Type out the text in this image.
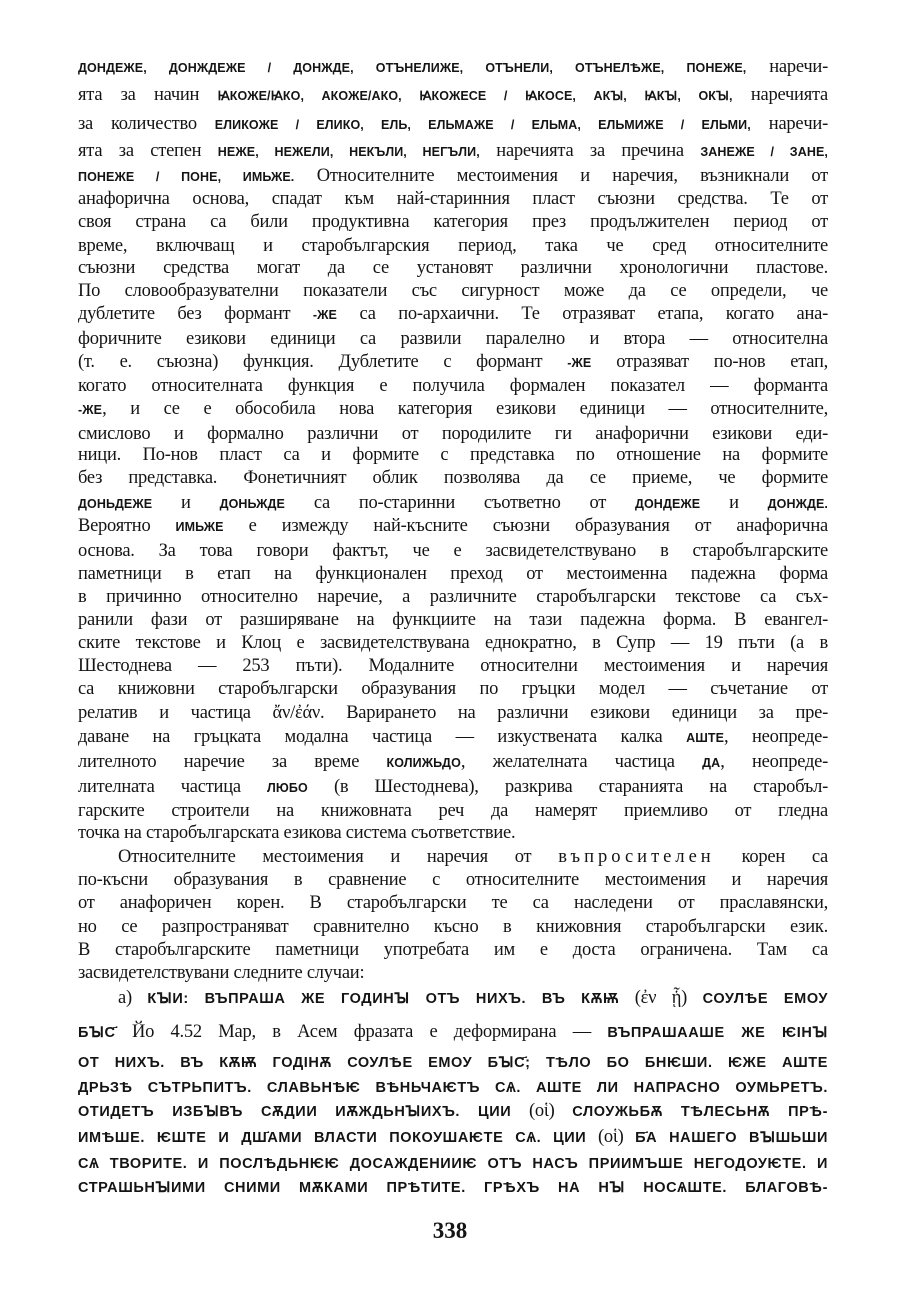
ДОНДЕЖЕ, ДОНЖДЕЖЕ / ДОНЖДЕ, ОТЪНЕЛИЖЕ, ОТЪНЕЛИ, ОТЪНЕЛѢЖЕ, ПОНЕЖЕ, наречи-
ята за начин ꙖКОЖЕ/ꙖКО, АКОЖЕ/АКО, ꙖКОЖЕСЕ / ꙖКОСЕ, АКꙐ, ꙖКꙐ, ОКꙐ, наречията
за количество ЕЛИКОЖЕ / ЕЛИКО, ЕЛЬ, ЕЛЬМАЖЕ / ЕЛЬМА, ЕЛЬМИЖЕ / ЕЛЬМИ, нарeчи-
ята за степен НЕЖЕ, НЕЖЕЛИ, НЕКЪЛИ, НЕГЪЛИ, наречията за пречина ЗАНЕЖЕ / ЗАНЕ,
ПОНЕЖЕ / ПОНЕ, ИМЬЖЕ. Относителните местоимения и наречия, възникнали от
анафорична основа, спадат към най-старинния пласт съюзни средства. Те от
своя страна са били продуктивна категория през продължителен период от
време, включващ и старобългарския период, така че сред относителните
съюзни средства могат да се установят различни хронологични пластове.
По словообразувателни показатели със сигурност може да се определи, че
дублетите без формант -ЖЕ са по-архаични. Те отразяват етапа, когато ана-
форичните езикови единици са развили паралелно и втора — относителна
(т. е. съюзна) функция. Дублетите с формант -ЖЕ отразяват по-нов етап,
когато относителната функция е получила формален показател — форманта
-ЖЕ, и се е обособила нова категория езикови единици — относителните,
смислово и формално различни от породилите ги анафорични езикови еди-
ници. По-нов пласт са и формите с представка по отношение на формите
без представка. Фонетичният облик позволява да се приеме, че формите
ДОНЬДЕЖЕ и ДОНЬЖДЕ са по-старинни съответно от ДОНДЕЖЕ и ДОНЖДЕ.
Вероятно ИМЬЖЕ е измежду най-късните съюзни образувания от анафорична
основа. За това говори фактът, че е засвидетелствувано в старобългарските
паметници в етап на функционален преход от местоименна падежна форма
в причинно относително наречие, а различните старобългарски текстове са съх-
ранили фази от разширяване на функциите на тази падежна форма. В евангел-
ските текстове и Клоц е засвидетелствувана еднократно, в Супр — 19 пъти (а в
Шестоднева — 253 пъти). Модалните относителни местоимения и наречия
са книжовни старобългарски образувания по гръцки модел — съчетание от
релатив и частица ἄν/ἐάν. Варирането на различни езикови единици за пре-
даване на гръцката модална частица — изкуствената калка АШТЕ, неопреде-
лителното наречие за време КОЛИЖЬДО, желателната частица ДА, неопреде-
лителната частица ЛЮБО (в Шестоднева), разкрива старанията на старобъл-
гарските строители на книжовната реч да намерят приемливо от гледна
точка на старобългарската езикова система съответствие.
Относителните местоимения и наречия от въпросителен корен са
по-късни образувания в сравнение с относителните местоимения и наречия
от анафоричен корен. В старобългарски те са наследени от праславянски,
но се разпространяват сравнително късно в книжовния старобългарски език.
В старобългарските паметници употребата им е доста ограничена. Там са
засвидетелствувани следните случаи:
а) КꙐИ: ВЪПРАША ЖЕ ГОДИНꙐ ОТЪ НИХЪ. ВЪ КѪѬ (ἐν ᾗ) СОУЛѢЕ ЕМОУ
БꙐС҃ Йо 4.52 Мар, в Асем фразата е деформирана — ВЪПРАШААШЕ ЖЕ ѤІНꙐ
ОТ НИХЪ. ВЪ КѪѬ ГОДІНѪ СОУЛѢЕ ЕМОУ БꙐС҃; ТѢЛО БО БНѤШИ. ѤЖЕ АШТЕ
ДРЬЗѢ СЪТРЬПИТЪ. СЛАВЬНѢѤ ВѢНЬЧАѤТЪ СѦ. АШТЕ ЛИ НАПРАСНО ОУМЬРЕТЪ.
ОТИДЕТЪ ИЗБꙐВЪ СѪДИИ ИѪЖДЬНꙐИХЪ. ЦИИ (οἱ) СЛОУЖЬБѪ ТѢЛЕСЬНѪ ПРѢ-
ИМѢШЕ. ѤШТЕ И ДШ҃АМИ ВЛАСТИ ПОКОУШАѤТЕ СѦ. ЦИИ (οἱ) Б҃А НАШЕГО ВꙐШЬШИ
СѦ ТВОРИТЕ. И ПОСЛѢДЬНѤѤ ДОСАЖДЕНИИѤ ОТЪ НАСЪ ПРИИМЪШЕ НЕГОДОУѤТЕ. И
СТРАШЬНꙐИМИ СНИМИ МѪКАМИ ПРѢТИТЕ. ГРѢХЪ НА НꙐ НОСѦШТЕ. БЛАГОВѢ-
338
